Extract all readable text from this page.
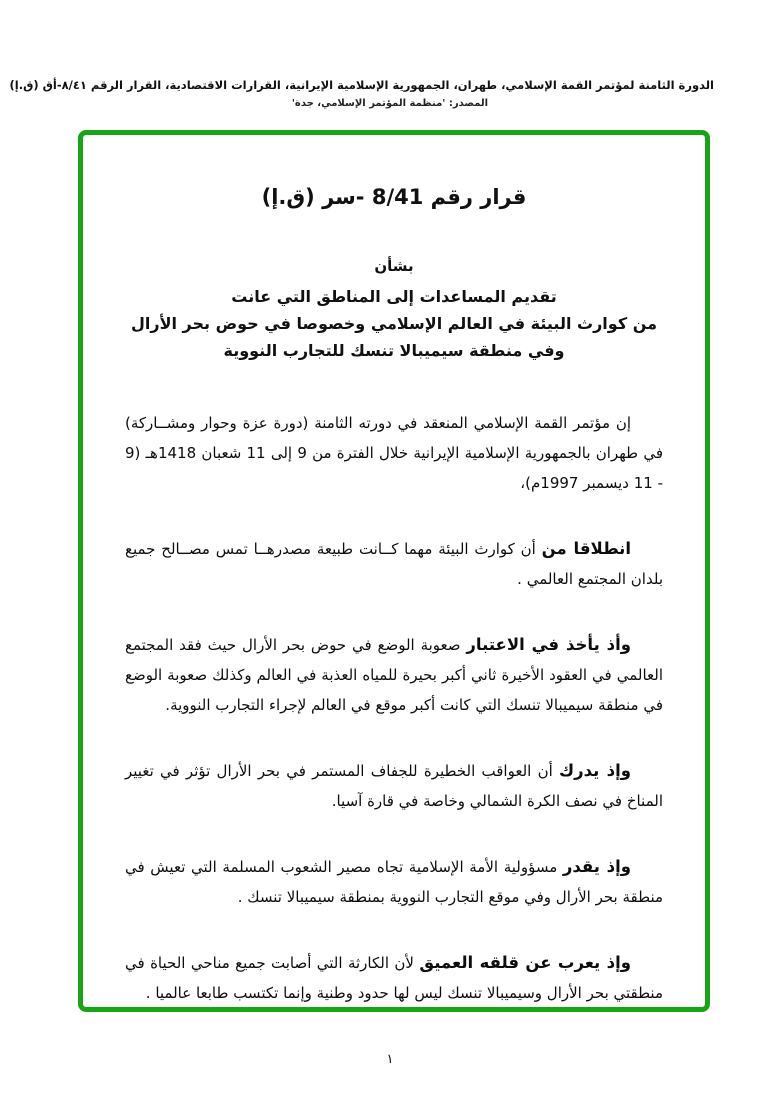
الدورة الثامنة لمؤتمر القمة الإسلامي، طهران، الجمهورية الإسلامية الإيرانية، القرارات الاقتصادية، القرار الرقم ٨/٤١-أق (ق.إ)
المصدر: 'منظمة المؤتمر الإسلامي، جدة'
قرار رقم 8/41 -سر (ق.إ)
بشأن
تقديم المساعدات إلى المناطق التي عانت
من كوارث البيئة في العالم الإسلامي وخصوصا في حوض بحر الأرال
وفي منطقة سيميبالا تنسك للتجارب النووية

إن مؤتمر القمة الإسلامي المنعقد في دورته الثامنة (دورة عزة وحوار ومشــاركة) في طهران بالجمهورية الإسلامية الإيرانية خلال الفترة من 9 إلى 11 شعبان 1418هـ (9 - 11 ديسمبر 1997م)،

انطلاقا من أن كوارث البيئة مهما كــانت طبيعة مصدرهــا تمس مصــالح جميع بلدان المجتمع العالمي .

وأذ يأخذ في الاعتبار صعوبة الوضع في حوض بحر الأرال حيث فقد المجتمع العالمي في العقود الأخيرة ثاني أكبر بحيرة للمياه العذبة في العالم وكذلك صعوبة الوضع في منطقة سيميبالا تنسك التي كانت أكبر موقع في العالم لإجراء التجارب النووية.

وإذ يدرك أن العواقب الخطيرة للجفاف المستمر في بحر الأرال تؤثر في تغيير المناخ في نصف الكرة الشمالي وخاصة في قارة آسيا.

وإذ يقدر مسؤولية الأمة الإسلامية تجاه مصير الشعوب المسلمة التي تعيش في منطقة بحر الأرال وفي موقع التجارب النووية بمنطقة سيميبالا تنسك .

وإذ يعرب عن قلقه العميق لأن الكارثة التي أصابت جميع مناحي الحياة في منطقتي بحر الأرال وسيميبالا تنسك ليس لها حدود وطنية وإنما تكتسب طابعا عالميا .

١
